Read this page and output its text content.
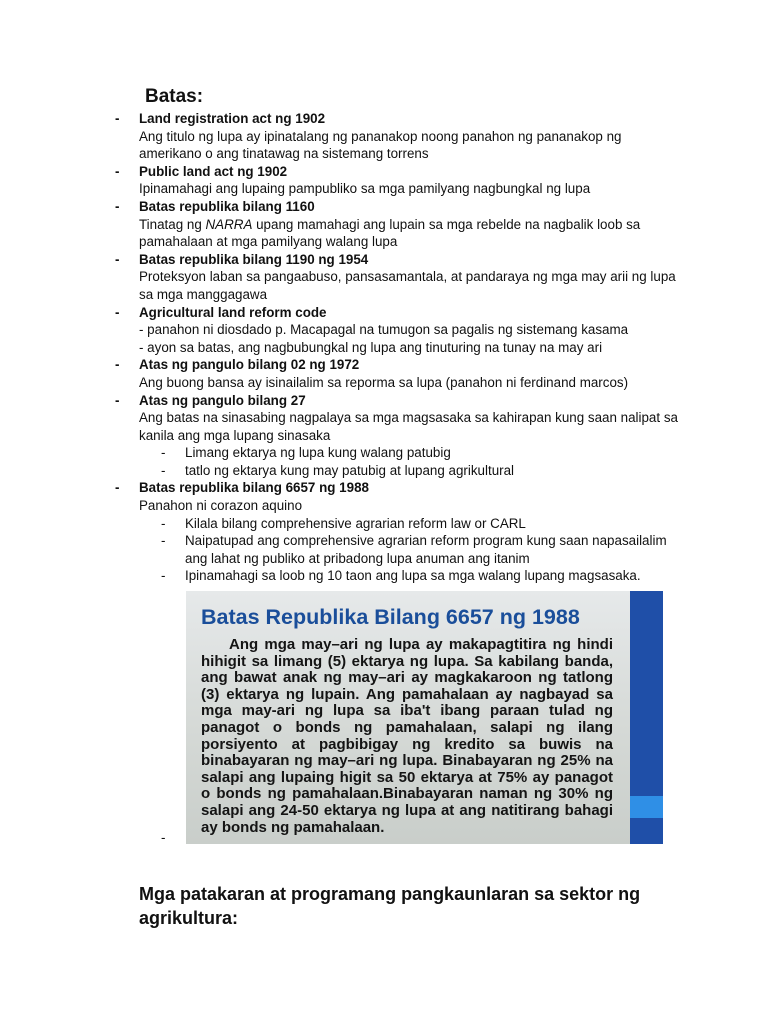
Batas:
- Land registration act ng 1902
Ang titulo ng lupa ay ipinatalang ng pananakop noong panahon ng pananakop ng amerikano o ang tinatawag na sistemang torrens
- Public land act ng 1902
Ipinamahagi ang lupaing pampubliko sa mga pamilyang nagbungkal ng lupa
- Batas republika bilang 1160
Tinatag ng NARRA upang mamahagi ang lupain sa mga rebelde na nagbalik loob sa pamahalaan at mga pamilyang walang lupa
- Batas republika bilang 1190 ng 1954
Proteksyon laban sa pangaabuso, pansasamantala, at pandaraya ng mga may arii ng lupa sa mga manggagawa
- Agricultural land reform code
- panahon ni diosdado p. Macapagal na tumugon sa pagalis ng sistemang kasama
- ayon sa batas, ang nagbubungkal ng lupa ang tinuturing na tunay na may ari
- Atas ng pangulo bilang 02 ng 1972
Ang buong bansa ay isinailalim sa reporma sa lupa (panahon ni ferdinand marcos)
- Atas ng pangulo bilang 27
Ang batas na sinasabing nagpalaya sa mga magsasaka sa kahirapan kung saan nalipat sa kanila ang mga lupang sinasaka
- Limang ektarya ng lupa kung walang patubig
- tatlo ng ektarya kung may patubig at lupang agrikultural
- Batas republika bilang 6657 ng 1988
Panahon ni corazon aquino
- Kilala bilang comprehensive agrarian reform law or CARL
- Naipatupad ang comprehensive agrarian reform program kung saan napasailalim ang lahat ng publiko at pribadong lupa anuman ang itanim
- Ipinamahagi sa loob ng 10 taon ang lupa sa mga walang lupang magsasaka.
Batas Republika Bilang 6657 ng 1988

Ang mga may–ari ng lupa ay makapagtitira ng hindi hihigit sa limang (5) ektarya ng lupa. Sa kabilang banda, ang bawat anak ng may–ari ay magkakaroon ng tatlong (3) ektarya ng lupain. Ang pamahalaan ay nagbayad sa mga may-ari ng lupa sa iba't ibang paraan tulad ng panagot o bonds ng pamahalaan, salapi ng ilang porsiyento at pagbibigay ng kredito sa buwis na binabayaran ng may–ari ng lupa. Binabayaran ng 25% na salapi ang lupaing higit sa 50 ektarya at 75% ay panagot o bonds ng pamahalaan.Binabayaran naman ng 30% ng salapi ang 24-50 ektarya ng lupa at ang natitirang bahagi ay bonds ng pamahalaan.

-
Mga patakaran at programang pangkaunlaran sa sektor ng agrikultura:
